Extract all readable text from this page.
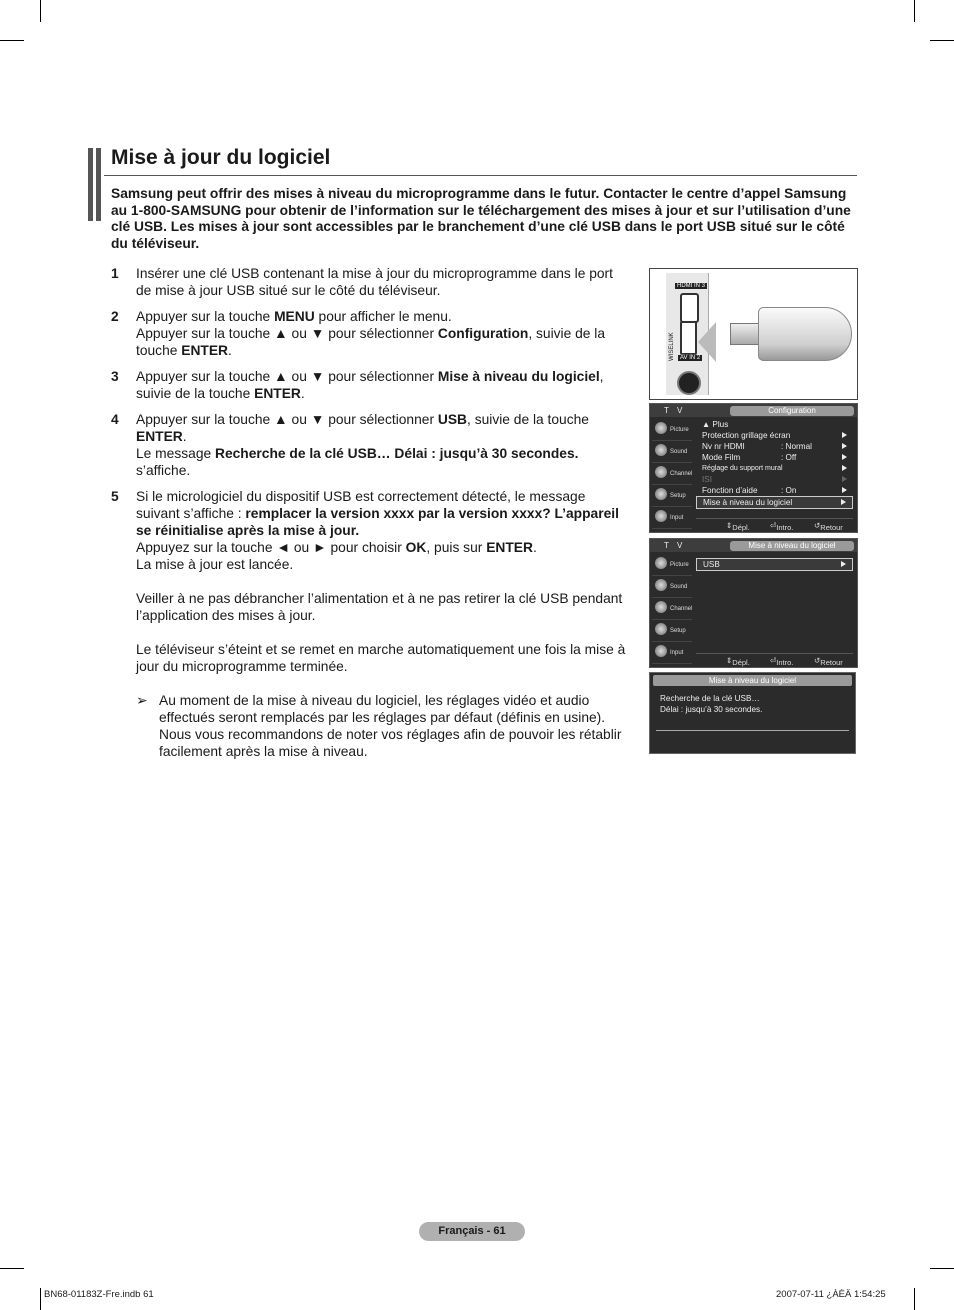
Mise à jour du logiciel
Samsung peut offrir des mises à niveau du microprogramme dans le futur. Contacter le centre d’appel Samsung au 1-800-SAMSUNG pour obtenir de l’information sur le téléchargement des mises à jour et sur l’utilisation d’une clé USB. Les mises à jour sont accessibles par le branchement d’une clé USB dans le port USB situé sur le côté du téléviseur.
1 Insérer une clé USB contenant la mise à jour du microprogramme dans le port de mise à jour USB situé sur le côté du téléviseur.

2 Appuyer sur la touche MENU pour afficher le menu.

Appuyer sur la touche ▲ ou ▼ pour sélectionner Configuration, suivie de la touche ENTER.

3 Appuyer sur la touche ▲ ou ▼ pour sélectionner Mise à niveau du logiciel, suivie de la touche ENTER.

4 Appuyer sur la touche ▲ ou ▼ pour sélectionner USB, suivie de la touche ENTER.

Le message Recherche de la clé USB… Délai : jusqu’à 30 secondes.
s’affiche.

5 Si le micrologiciel du dispositif USB est correctement détecté, le message suivant s’affiche : remplacer la version xxxx par la version xxxx? L’appareil se réinitialise après la mise à jour.

Appuyez sur la touche ◄ ou ► pour choisir OK, puis sur ENTER.

La mise à jour est lancée.

Veiller à ne pas débrancher l’alimentation et à ne pas retirer la clé USB pendant l’application des mises à jour.

Le téléviseur s’éteint et se remet en marche automatiquement une fois la mise à jour du microprogramme terminée.

➢ Au moment de la mise à niveau du logiciel, les réglages vidéo et audio effectués seront remplacés par les réglages par défaut (définis en usine). Nous vous recommandons de noter vos réglages afin de pouvoir les rétablir facilement après la mise à niveau.
HDMI IN 3
WISELINK AV IN 2
T V	Configuration
Picture
Sound
Channel
Setup
Input
▲ Plus
Protection grillage écran
Nv nr HDMI	: Normal
Mode Film	: Off
Réglage du support mural
ISI
Fonction d’aide	: On
Mise à niveau du logiciel
⇕ Dépl.	⏎ Intro.	↺ Retour
T V	Mise à niveau du logiciel
Picture
Sound
Channel
Setup
Input
USB
⇕ Dépl.	⏎ Intro.	↺ Retour
Mise à niveau du logiciel
Recherche de la clé USB…
Délai : jusqu’à 30 secondes.
Français - 61
BN68-01183Z-Fre.indb 61	2007-07-11 ¿ÀÈÄ 1:54:25
